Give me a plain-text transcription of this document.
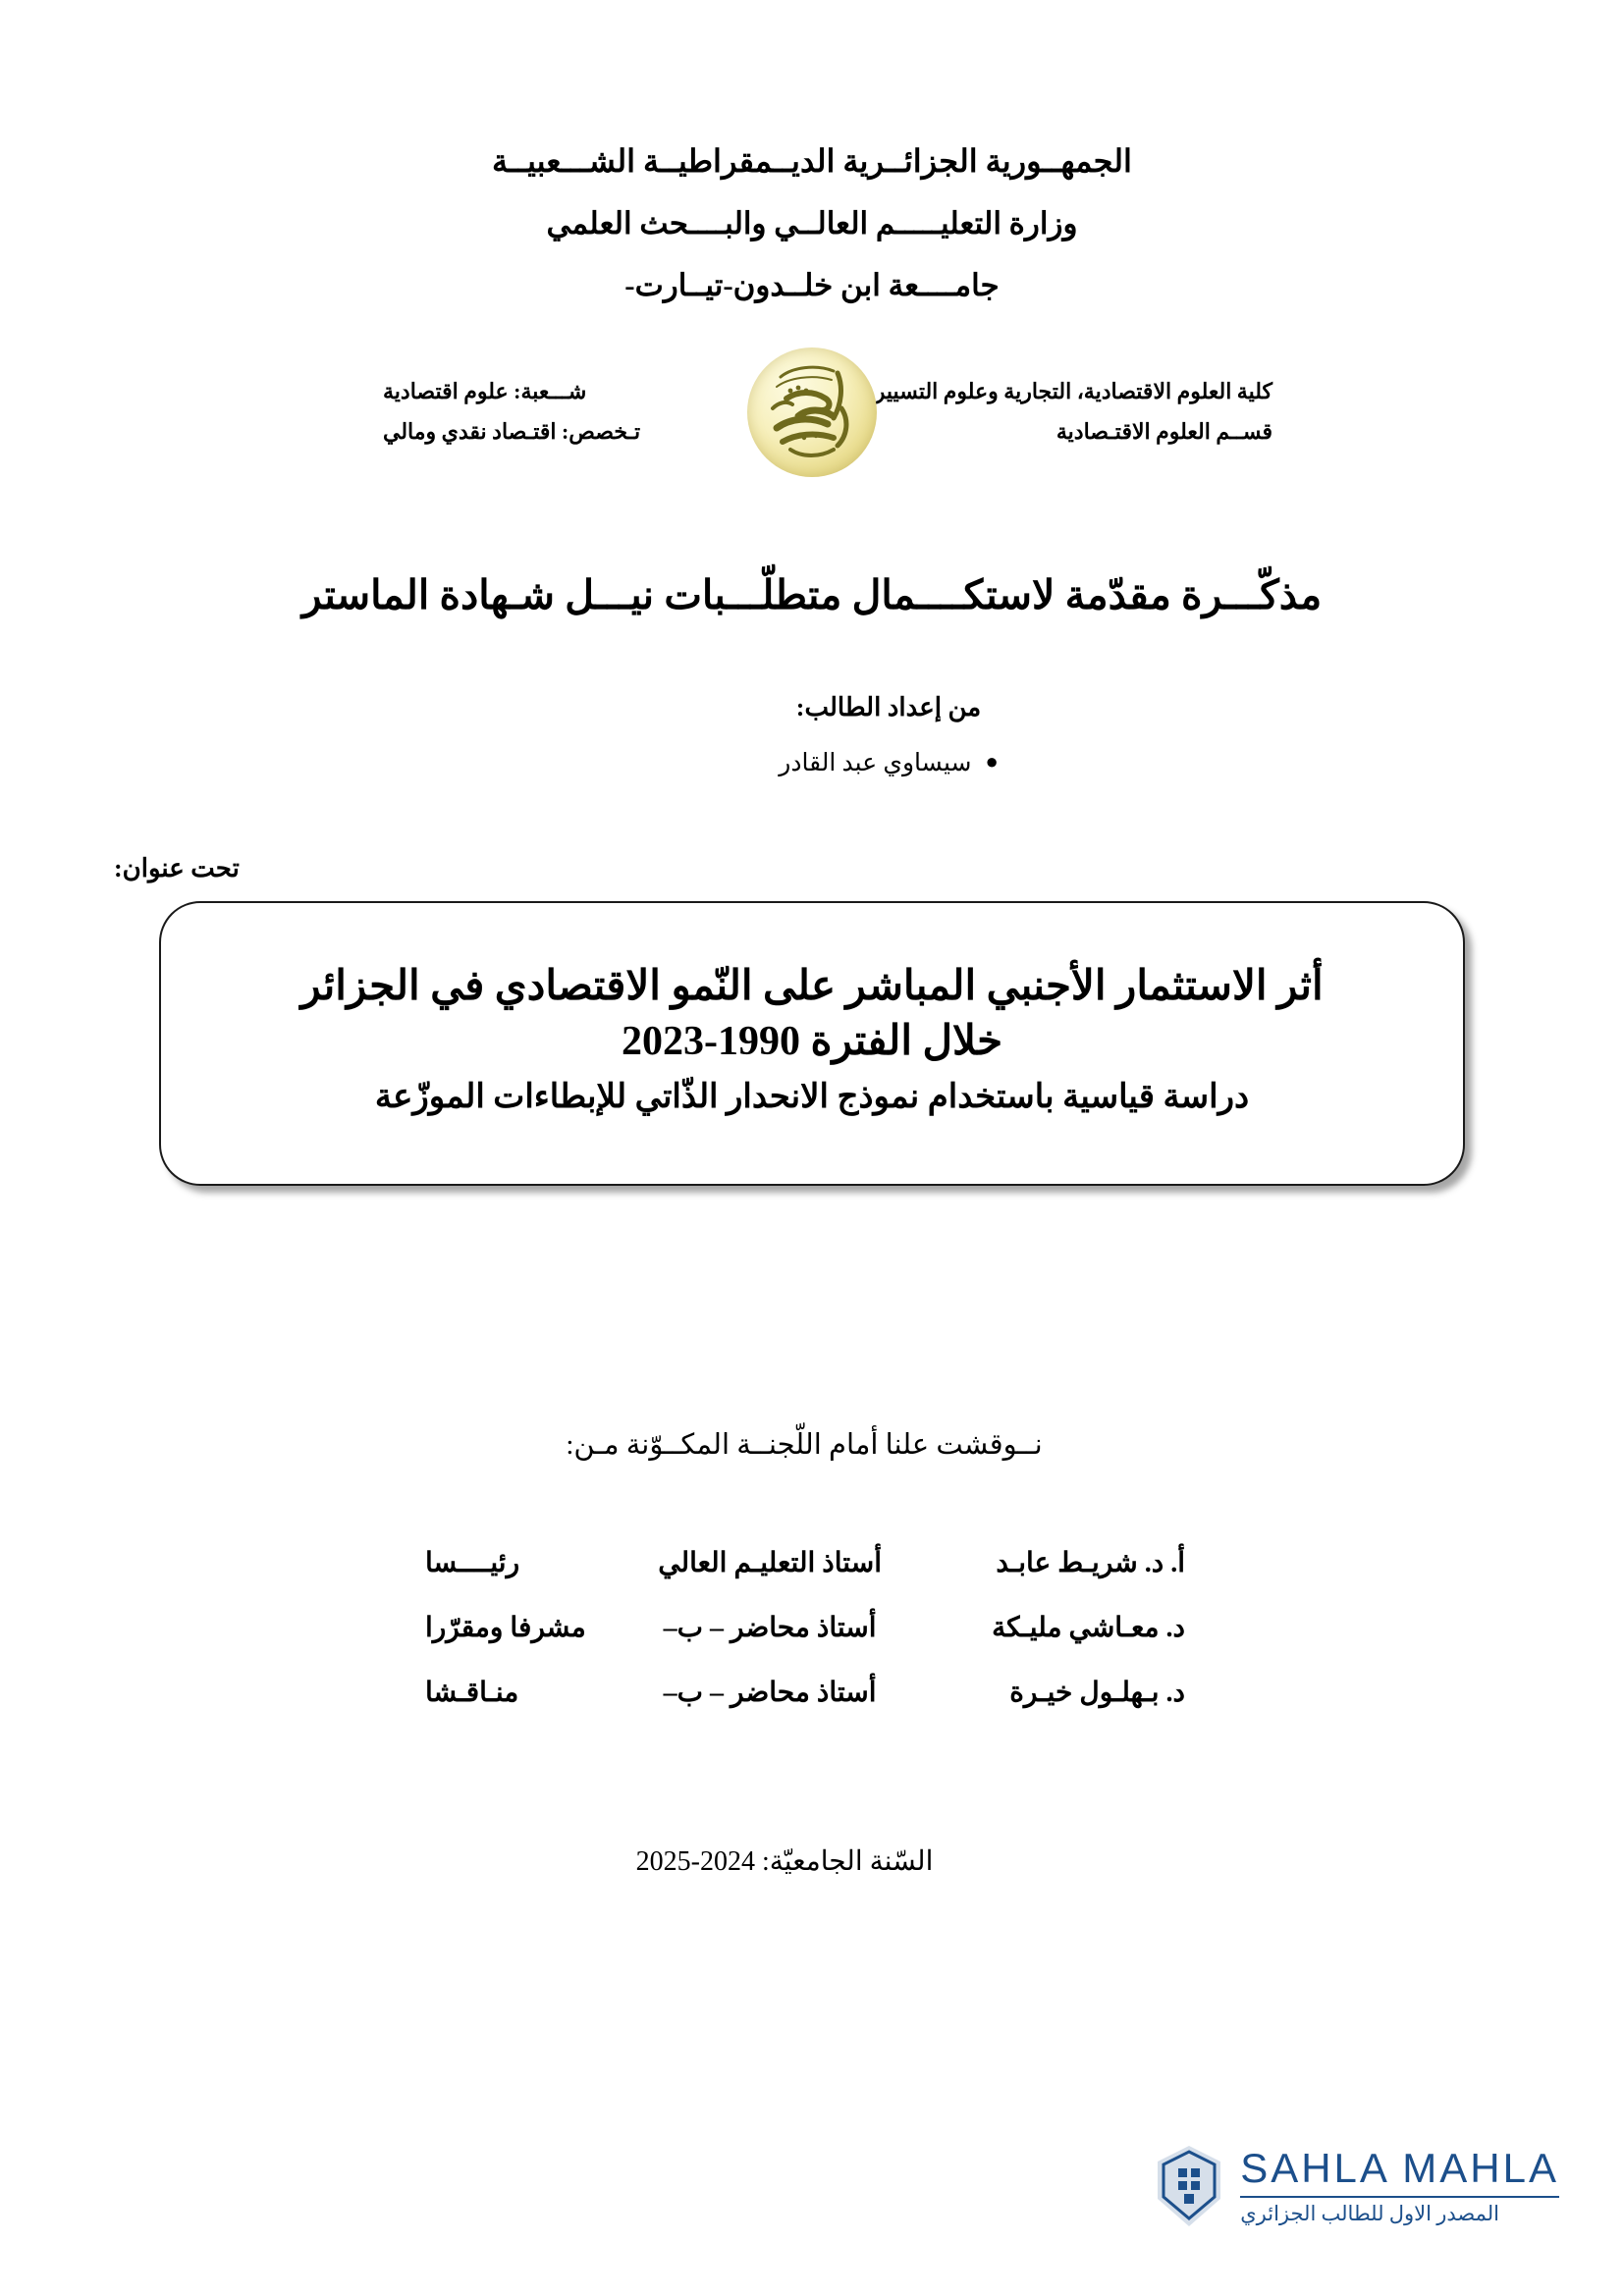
الجمهــورية الجزائــرية الديــمقراطيــة الشـــعبيــة
وزارة التعليـــــم العالــي والبــــحث العلمي
جامــــعة ابن خلــدون-تيــارت-
كلية العلوم الاقتصادية، التجارية وعلوم التسيير
قســم العلوم الاقتـصادية
شـــعبة: علوم اقتصادية
تـخصص: اقتـصاد نقدي ومالي
مذكّـــرة مقدّمة لاستكــــمال متطلّـــبات نيـــل شـهادة الماستر
من إعداد الطالب:
●سيساوي عبد القادر
تحت عنوان:
أثر الاستثمار الأجنبي المباشر على النّمو الاقتصادي في الجزائر
خلال الفترة 1990-2023
دراسة قياسية باستخدام نموذج الانحدار الذّاتي للإبطاءات الموزّعة
نــوقشت علنا أمام اللّجنــة المكــوّنة مـن:
أ. د. شريـط عابـد	أستاذ التعليـم العالي	رئيــــسا
د. معـاشي مليـكة	أستاذ محاضر – ب–	مشرفا ومقرّرا
د. بـهلـول خيـرة	أستاذ محاضر – ب–	منـاقـشا
السّنة الجامعيّة: 2024-2025
SAHLA MAHLA
المصدر الاول للطالب الجزائري
